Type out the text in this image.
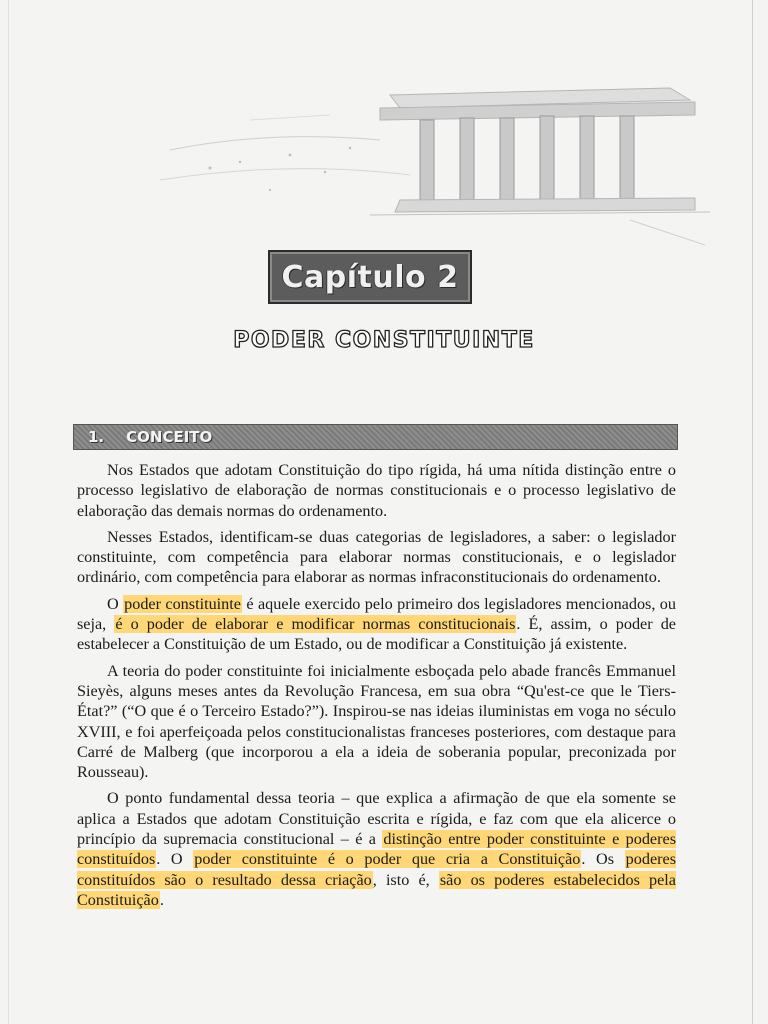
Capítulo 2
PODER CONSTITUINTE
1. CONCEITO

Nos Estados que adotam Constituição do tipo rígida, há uma nítida distinção entre o processo legislativo de elaboração de normas constitucionais e o processo legislativo de elaboração das demais normas do ordenamento.

Nesses Estados, identificam-se duas categorias de legisladores, a saber: o legislador constituinte, com competência para elaborar normas constitucionais, e o legislador ordinário, com competência para elaborar as normas infraconstitucionais do ordenamento.

O poder constituinte é aquele exercido pelo primeiro dos legisladores mencionados, ou seja, é o poder de elaborar e modificar normas constitucionais. É, assim, o poder de estabelecer a Constituição de um Estado, ou de modificar a Constituição já existente.

A teoria do poder constituinte foi inicialmente esboçada pelo abade francês Emmanuel Sieyès, alguns meses antes da Revolução Francesa, em sua obra “Qu'est-ce que le Tiers-État?” (“O que é o Terceiro Estado?”). Inspirou-se nas ideias iluministas em voga no século XVIII, e foi aperfeiçoada pelos constitucionalistas franceses posteriores, com destaque para Carré de Malberg (que incorporou a ela a ideia de soberania popular, preconizada por Rousseau).

O ponto fundamental dessa teoria – que explica a afirmação de que ela somente se aplica a Estados que adotam Constituição escrita e rígida, e faz com que ela alicerce o princípio da supremacia constitucional – é a distinção entre poder constituinte e poderes constituídos. O poder constituinte é o poder que cria a Constituição. Os poderes constituídos são o resultado dessa criação, isto é, são os poderes estabelecidos pela Constituição.
